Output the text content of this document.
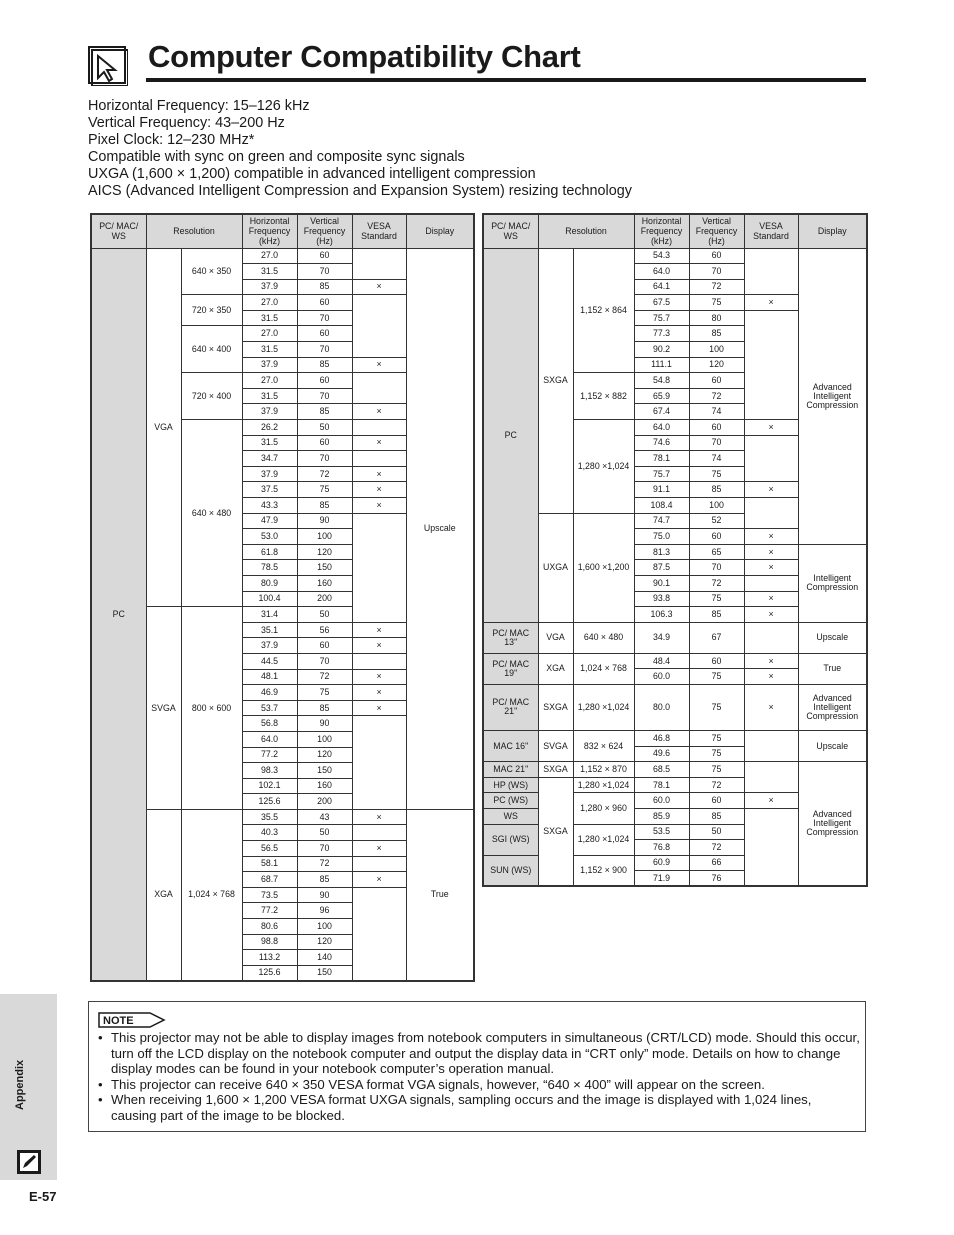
Computer Compatibility Chart
Horizontal Frequency: 15–126 kHz
Vertical Frequency: 43–200 Hz
Pixel Clock: 12–230 MHz*
Compatible with sync on green and composite sync signals
UXGA (1,600 × 1,200) compatible in advanced intelligent compression
AICS (Advanced Intelligent Compression and Expansion System) resizing technology
PC/ MAC/ WS	Resolution		Horizontal Frequency (kHz)	Vertical Frequency (Hz)	VESA Standard	Display
PC	VGA	640 × 350	27.0	60		Upscale
			31.5	70		
			37.9	85	×	
		720 × 350	27.0	60		
			31.5	70		
		640 × 400	27.0	60		
			31.5	70		
			37.9	85	×	
		720 × 400	27.0	60		
			31.5	70		
			37.9	85	×	
		640 × 480	26.2	50		
			31.5	60	×	
			34.7	70		
			37.9	72	×	
			37.5	75	×	
			43.3	85	×	
			47.9	90		
			53.0	100		
			61.8	120		
			78.5	150		
			80.9	160		
			100.4	200		
	SVGA	800 × 600	31.4	50		
			35.1	56	×	
			37.9	60	×	
			44.5	70		
			48.1	72	×	
			46.9	75	×	
			53.7	85	×	
			56.8	90		
			64.0	100		
			77.2	120		
			98.3	150		
			102.1	160		
			125.6	200		
	XGA	1,024 × 768	35.5	43	×	True
			40.3	50		
			56.5	70	×	
			58.1	72		
			68.7	85	×	
			73.5	90		
			77.2	96		
			80.6	100		
			98.8	120		
			113.2	140		
			125.6	150		
PC/ MAC/ WS	Resolution		Horizontal Frequency (kHz)	Vertical Frequency (Hz)	VESA Standard	Display
PC	SXGA	1,152 × 864	54.3	60		Advanced Intelligent Compression
			64.0	70		
			64.1	72		
			67.5	75	×	
			75.7	80		
			77.3	85		
			90.2	100		
			111.1	120		
		1,152 × 882	54.8	60		
			65.9	72		
			67.4	74		
		1,280 ×1,024	64.0	60	×	
			74.6	70		
			78.1	74		
			75.7	75		
			91.1	85	×	
			108.4	100		
	UXGA	1,600 ×1,200	74.7	52		
			75.0	60	×	
			81.3	65	×	Intelligent Compression
			87.5	70	×	
			90.1	72		
			93.8	75	×	
			106.3	85	×	
PC/ MAC 13"	VGA	640 × 480	34.9	67		Upscale
PC/ MAC 19"	XGA	1,024 × 768	48.4	60	×	True
			60.0	75	×	
PC/ MAC 21"	SXGA	1,280 ×1,024	80.0	75	×	Advanced Intelligent Compression
MAC 16"	SVGA	832 × 624	46.8	75		Upscale
			49.6	75		
MAC 21"	SXGA	1,152 × 870	68.5	75		Advanced Intelligent Compression
HP (WS)	SXGA	1,280 ×1,024	78.1	72		
PC (WS)		1,280 × 960	60.0	60	×	
WS			85.9	85		
SGI (WS)		1,280 ×1,024	53.5	50		
			76.8	72		
SUN (WS)		1,152 × 900	60.9	66		
			71.9	76		
NOTE
• This projector may not be able to display images from notebook computers in simultaneous (CRT/LCD) mode. Should this occur, turn off the LCD display on the notebook computer and output the display data in “CRT only” mode. Details on how to change display modes can be found in your notebook computer’s operation manual.
• This projector can receive 640 × 350 VESA format VGA signals, however, “640 × 400” will appear on the screen.
• When receiving 1,600 × 1,200 VESA format UXGA signals, sampling occurs and the image is displayed with 1,024 lines, causing part of the image to be blocked.
Appendix
E-57
